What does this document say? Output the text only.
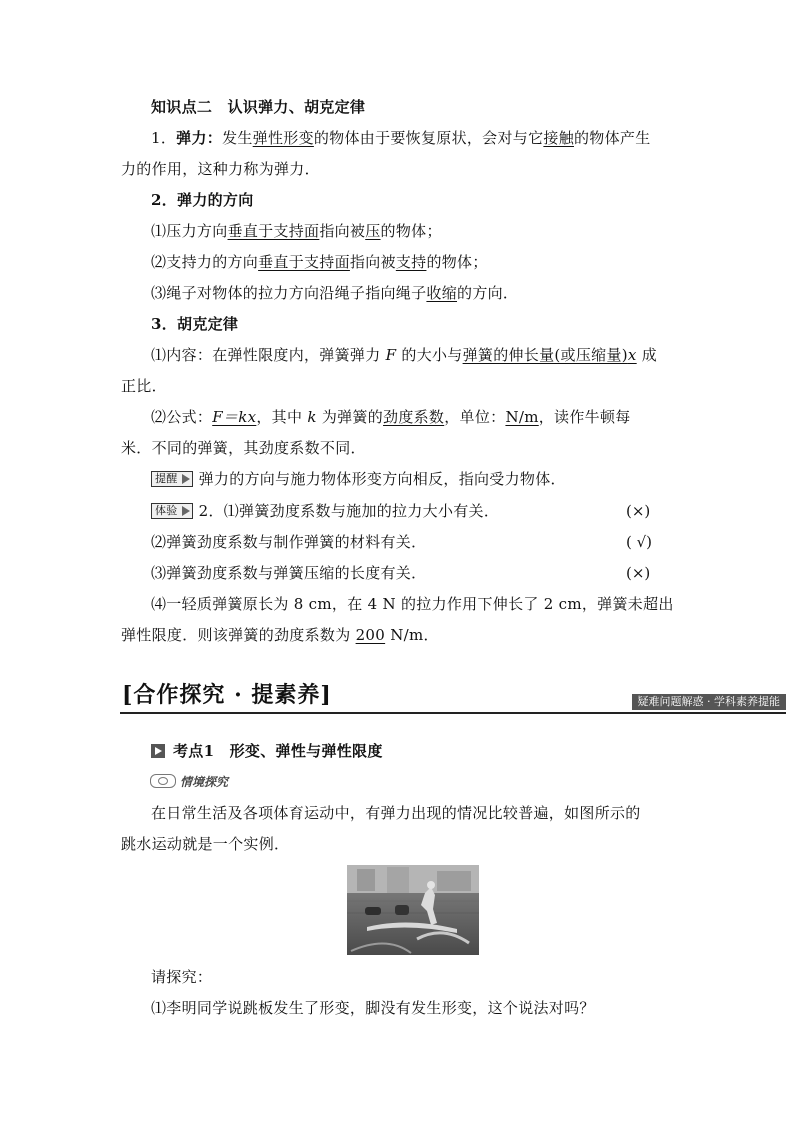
知识点二　认识弹力、胡克定律
1．弹力：发生弹性形变的物体由于要恢复原状，会对与它接触的物体产生
力的作用，这种力称为弹力．
2．弹力的方向
⑴压力方向垂直于支持面指向被压的物体；
⑵支持力的方向垂直于支持面指向被支持的物体；
⑶绳子对物体的拉力方向沿绳子指向绳子收缩的方向．
3．胡克定律
⑴内容：在弹性限度内，弹簧弹力 F 的大小与弹簧的伸长量(或压缩量)x 成
正比．
⑵公式：F＝kx，其中 k 为弹簧的劲度系数，单位：N/m，读作牛顿每
米．不同的弹簧，其劲度系数不同．
提醒 弹力的方向与施力物体形变方向相反，指向受力物体．
体验 2．⑴弹簧劲度系数与施加的拉力大小有关．	(×)
⑵弹簧劲度系数与制作弹簧的材料有关．	( √)
⑶弹簧劲度系数与弹簧压缩的长度有关．	(×)
⑷一轻质弹簧原长为 8 cm，在 4 N 的拉力作用下伸长了 2 cm，弹簧未超出
弹性限度．则该弹簧的劲度系数为 200 N/m．
[合作探究 · 提素养]	疑难问题解惑 · 学科素养提能
考点1　形变、弹性与弹性限度
情境探究
在日常生活及各项体育运动中，有弹力出现的情况比较普遍，如图所示的
跳水运动就是一个实例．
请探究：
⑴李明同学说跳板发生了形变，脚没有发生形变，这个说法对吗？
